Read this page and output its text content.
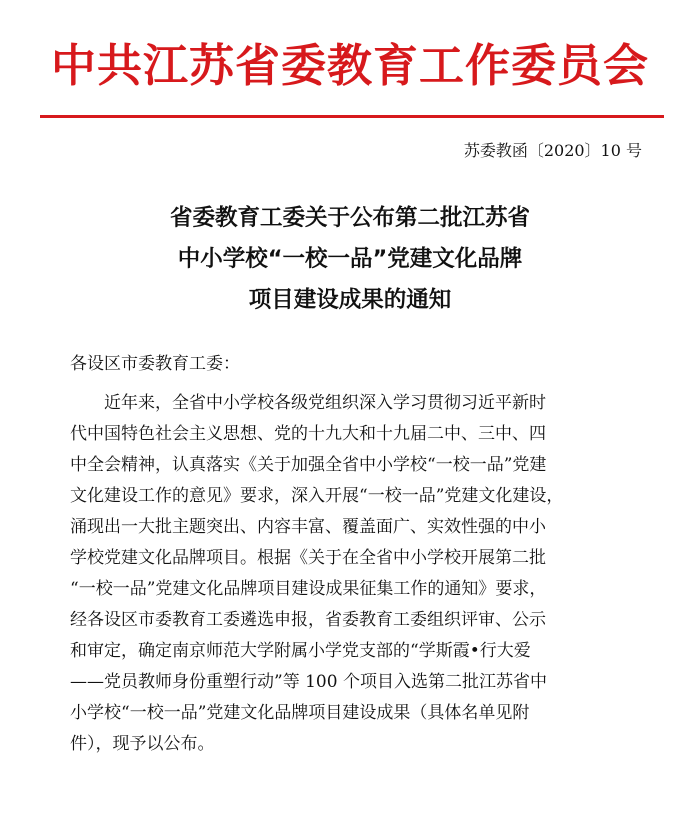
中共江苏省委教育工作委员会
苏委教函〔2020〕10 号
省委教育工委关于公布第二批江苏省
中小学校“一校一品”党建文化品牌
项目建设成果的通知
各设区市委教育工委：
近年来，全省中小学校各级党组织深入学习贯彻习近平新时
代中国特色社会主义思想、党的十九大和十九届二中、三中、四
中全会精神，认真落实《关于加强全省中小学校“一校一品”党建
文化建设工作的意见》要求，深入开展“一校一品”党建文化建设，
涌现出一大批主题突出、内容丰富、覆盖面广、实效性强的中小
学校党建文化品牌项目。根据《关于在全省中小学校开展第二批
“一校一品”党建文化品牌项目建设成果征集工作的通知》要求，
经各设区市委教育工委遴选申报，省委教育工委组织评审、公示
和审定，确定南京师范大学附属小学党支部的“学斯霞•行大爱
——党员教师身份重塑行动”等 100 个项目入选第二批江苏省中
小学校“一校一品”党建文化品牌项目建设成果（具体名单见附
件），现予以公布。
